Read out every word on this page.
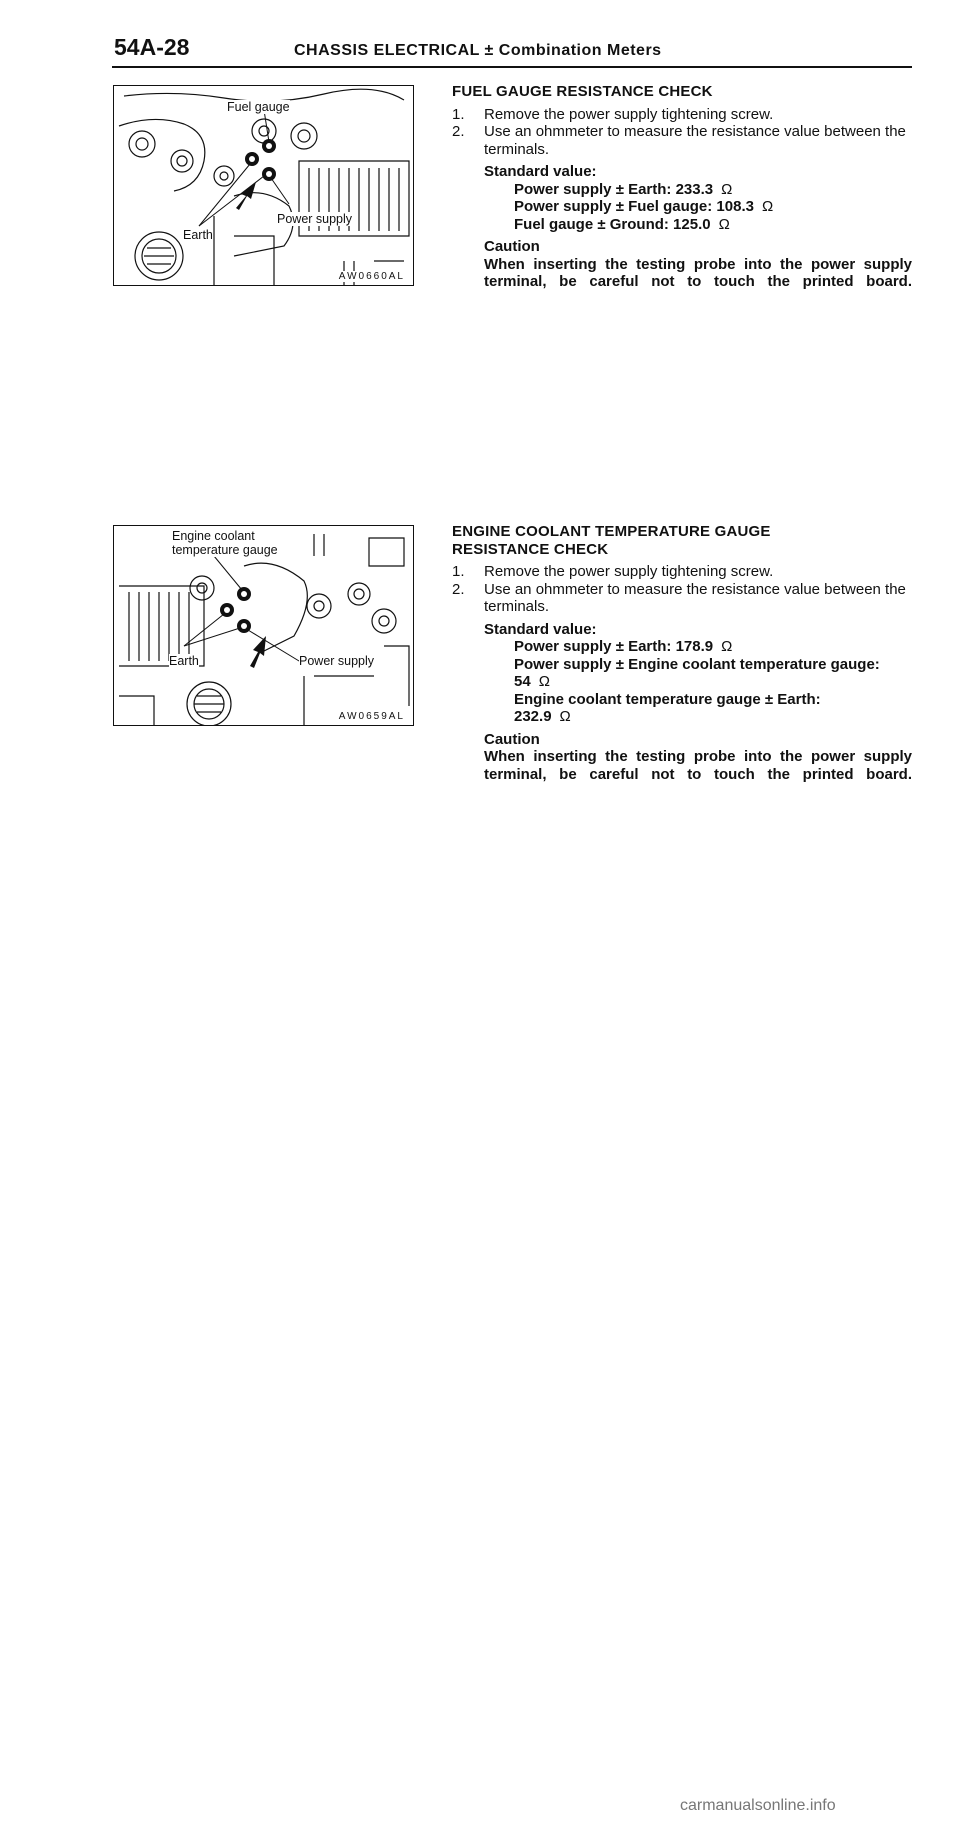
54A-28	CHASSIS ELECTRICAL ± Combination Meters
Fuel gauge
Power supply
Earth
AW0660AL
FUEL GAUGE RESISTANCE CHECK
1. Remove the power supply tightening screw.
2. Use an ohmmeter to measure the resistance value between the terminals.
Standard value:
Power supply ± Earth: 233.3 Ω
Power supply ± Fuel gauge: 108.3 Ω
Fuel gauge ± Ground: 125.0 Ω
Caution
When inserting the testing probe into the power supply
terminal, be careful not to touch the printed board.
Engine coolant
temperature gauge
Earth	Power supply
AW0659AL
ENGINE COOLANT TEMPERATURE GAUGE
RESISTANCE CHECK
1. Remove the power supply tightening screw.
2. Use an ohmmeter to measure the resistance value between the terminals.
Standard value:
Power supply ± Earth: 178.9 Ω
Power supply ± Engine coolant temperature gauge:
54 Ω
Engine coolant temperature gauge ± Earth:
232.9 Ω
Caution
When inserting the testing probe into the power supply
terminal, be careful not to touch the printed board.
carmanualsonline.info
